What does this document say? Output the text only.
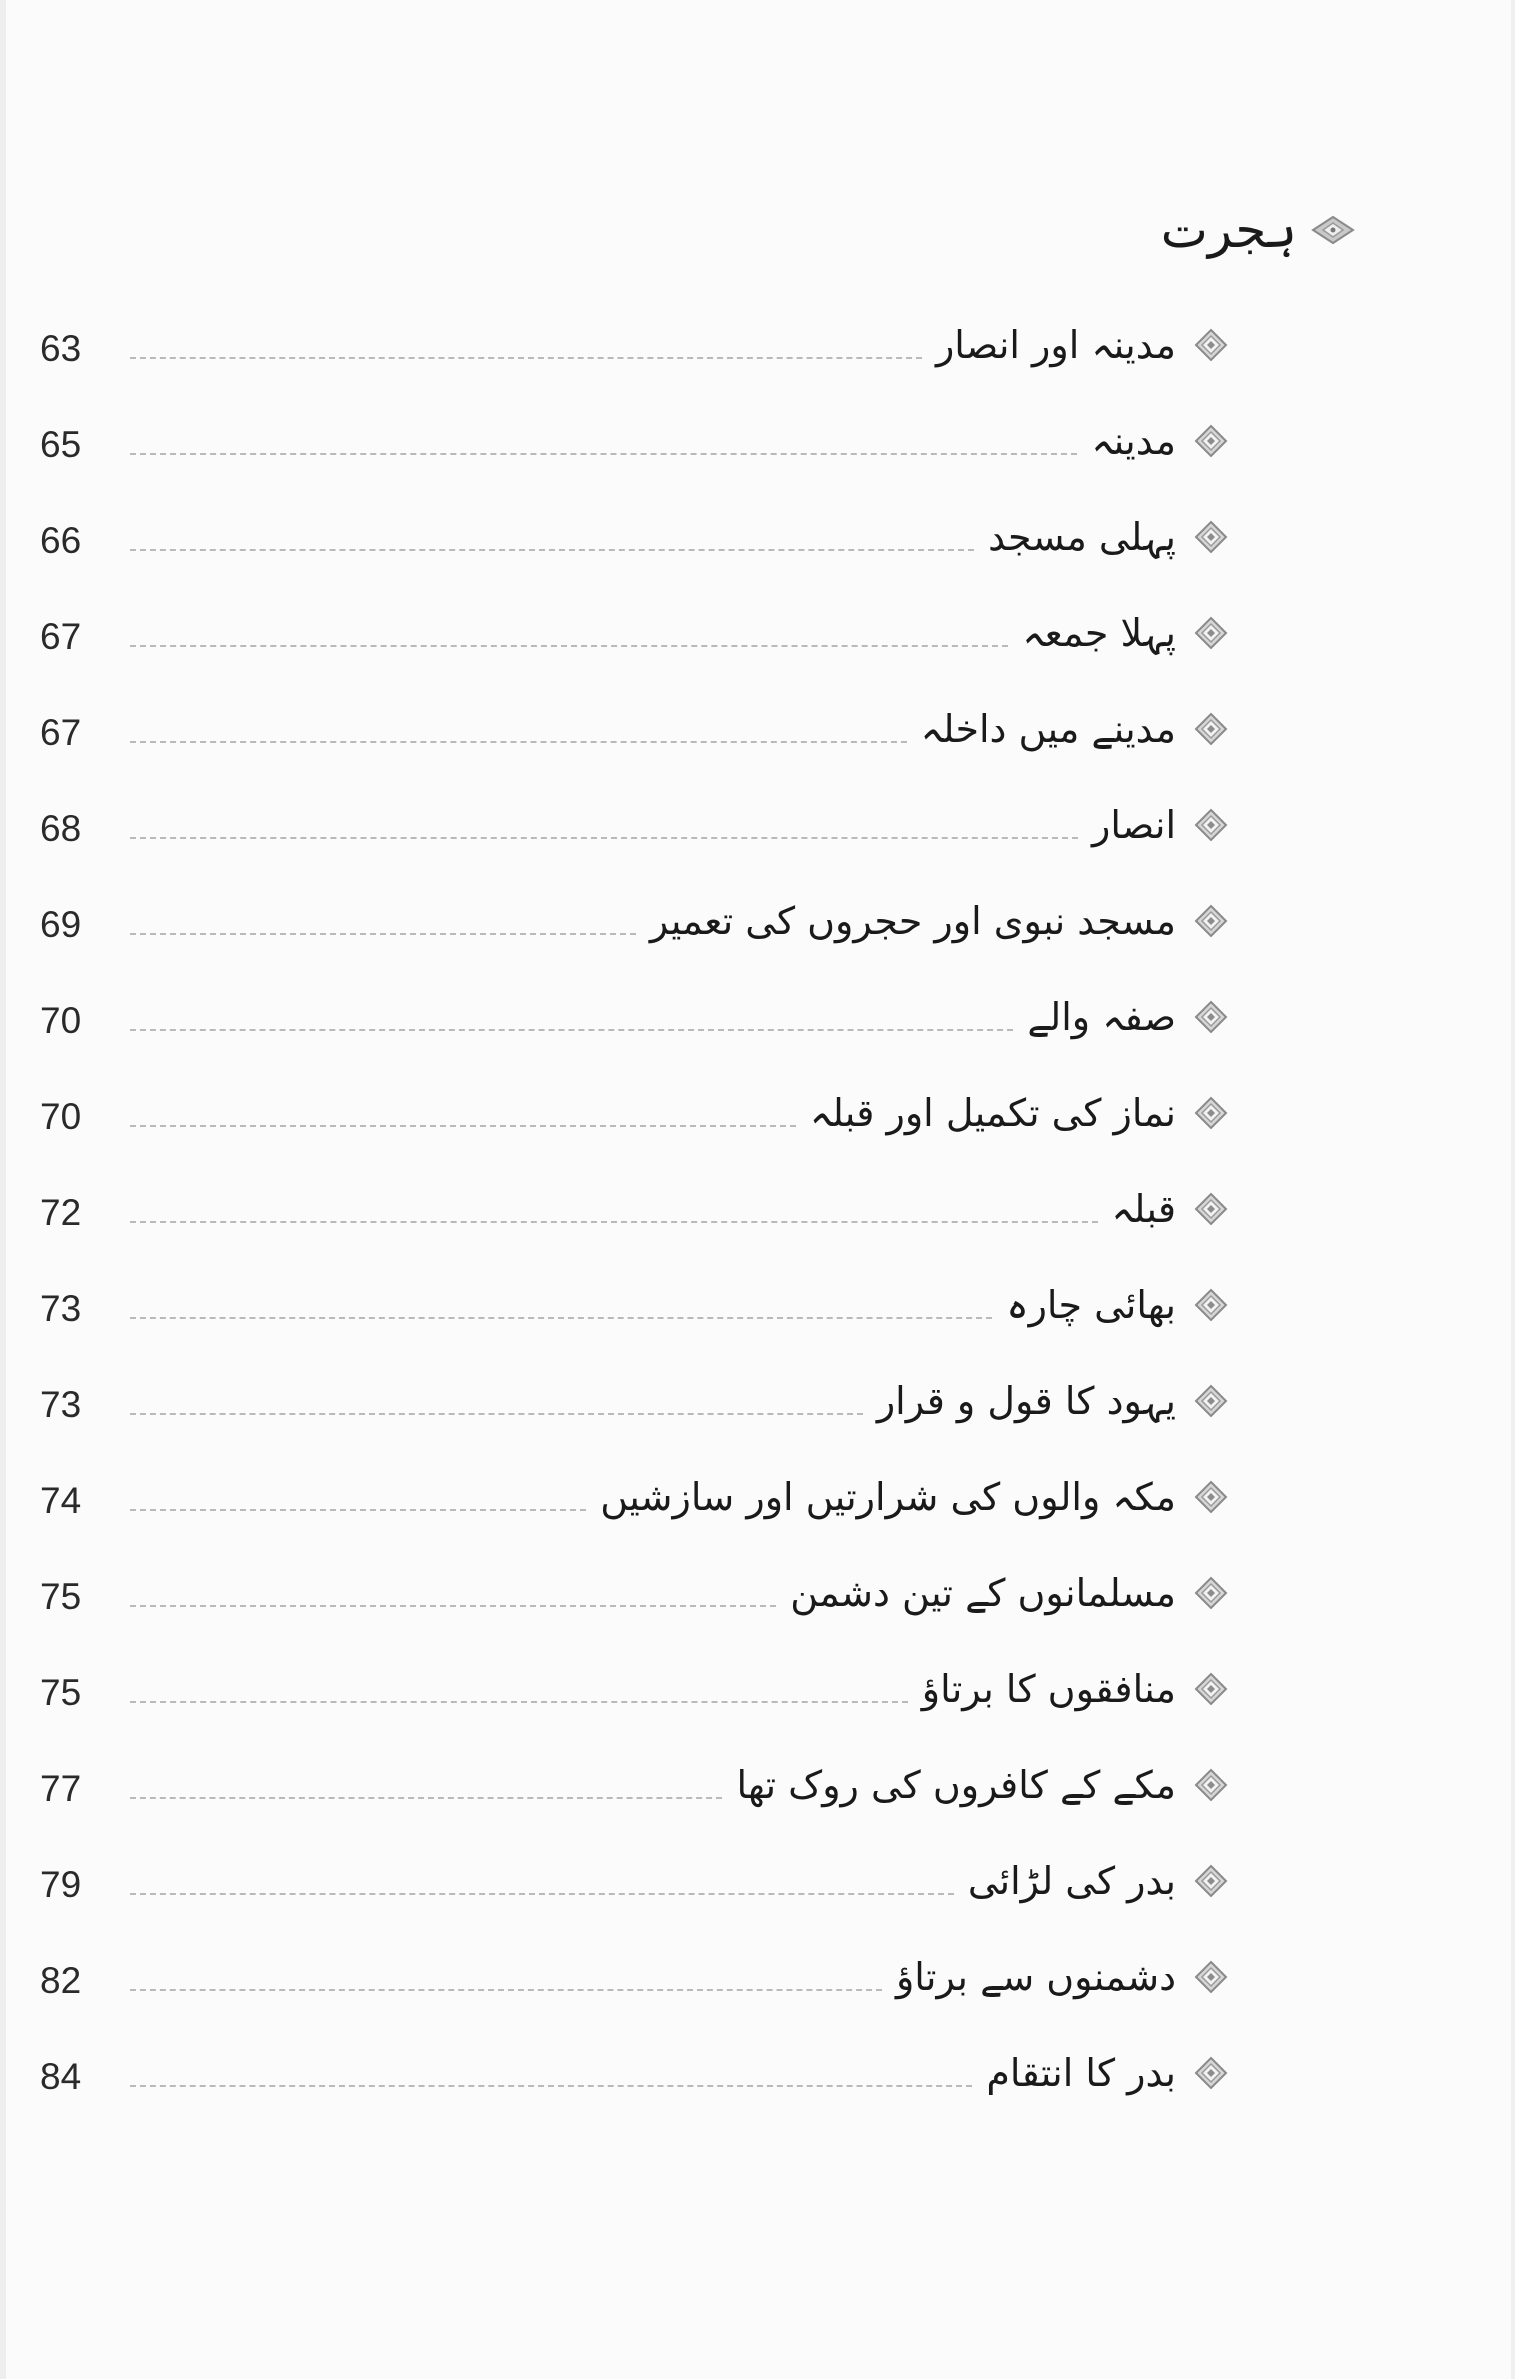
ہجرت
63	مدینہ اور انصار
65	مدینہ
66	پہلی مسجد
67	پہلا جمعہ
67	مدینے میں داخلہ
68	انصار
69	مسجد نبوی اور حجروں کی تعمیر
70	صفہ والے
70	نماز کی تکمیل اور قبلہ
72	قبلہ
73	بھائی چارہ
73	یہود کا قول و قرار
74	مکہ والوں کی شرارتیں اور سازشیں
75	مسلمانوں کے تین دشمن
75	منافقوں کا برتاؤ
77	مکے کے کافروں کی روک تھا
79	بدر کی لڑائی
82	دشمنوں سے برتاؤ
84	بدر کا انتقام
